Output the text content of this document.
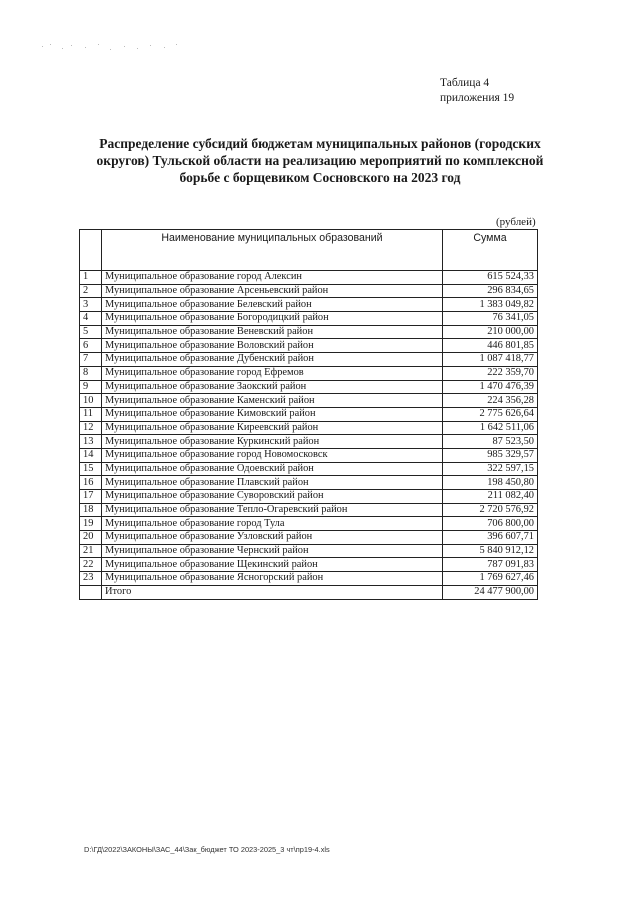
Таблица 4
приложения 19
Распределение субсидий бюджетам муниципальных районов (городских округов) Тульской области на реализацию мероприятий по комплексной борьбе с борщевиком Сосновского на 2023 год
(рублей)
	Наименование муниципальных образований	Сумма
1	Муниципальное образование город Алексин	615 524,33
2	Муниципальное образование Арсеньевский район	296 834,65
3	Муниципальное образование Белевский район	1 383 049,82
4	Муниципальное образование Богородицкий район	76 341,05
5	Муниципальное образование Веневский район	210 000,00
6	Муниципальное образование Воловский район	446 801,85
7	Муниципальное образование Дубенский район	1 087 418,77
8	Муниципальное образование город Ефремов	222 359,70
9	Муниципальное образование Заокский район	1 470 476,39
10	Муниципальное образование Каменский район	224 356,28
11	Муниципальное образование Кимовский район	2 775 626,64
12	Муниципальное образование Киреевский район	1 642 511,06
13	Муниципальное образование Куркинский район	87 523,50
14	Муниципальное образование город Новомосковск	985 329,57
15	Муниципальное образование Одоевский район	322 597,15
16	Муниципальное образование Плавский район	198 450,80
17	Муниципальное образование Суворовский район	211 082,40
18	Муниципальное образование Тепло-Огаревский район	2 720 576,92
19	Муниципальное образование город Тула	706 800,00
20	Муниципальное образование Узловский район	396 607,71
21	Муниципальное образование Чернский район	5 840 912,12
22	Муниципальное образование Щекинский район	787 091,83
23	Муниципальное образование Ясногорский район	1 769 627,46
	Итого	24 477 900,00
D:\ГД\2022\ЗАКОНЫ\ЗАС_44\Зак_бюджет ТО 2023-2025_3 чт\пр19-4.xls
